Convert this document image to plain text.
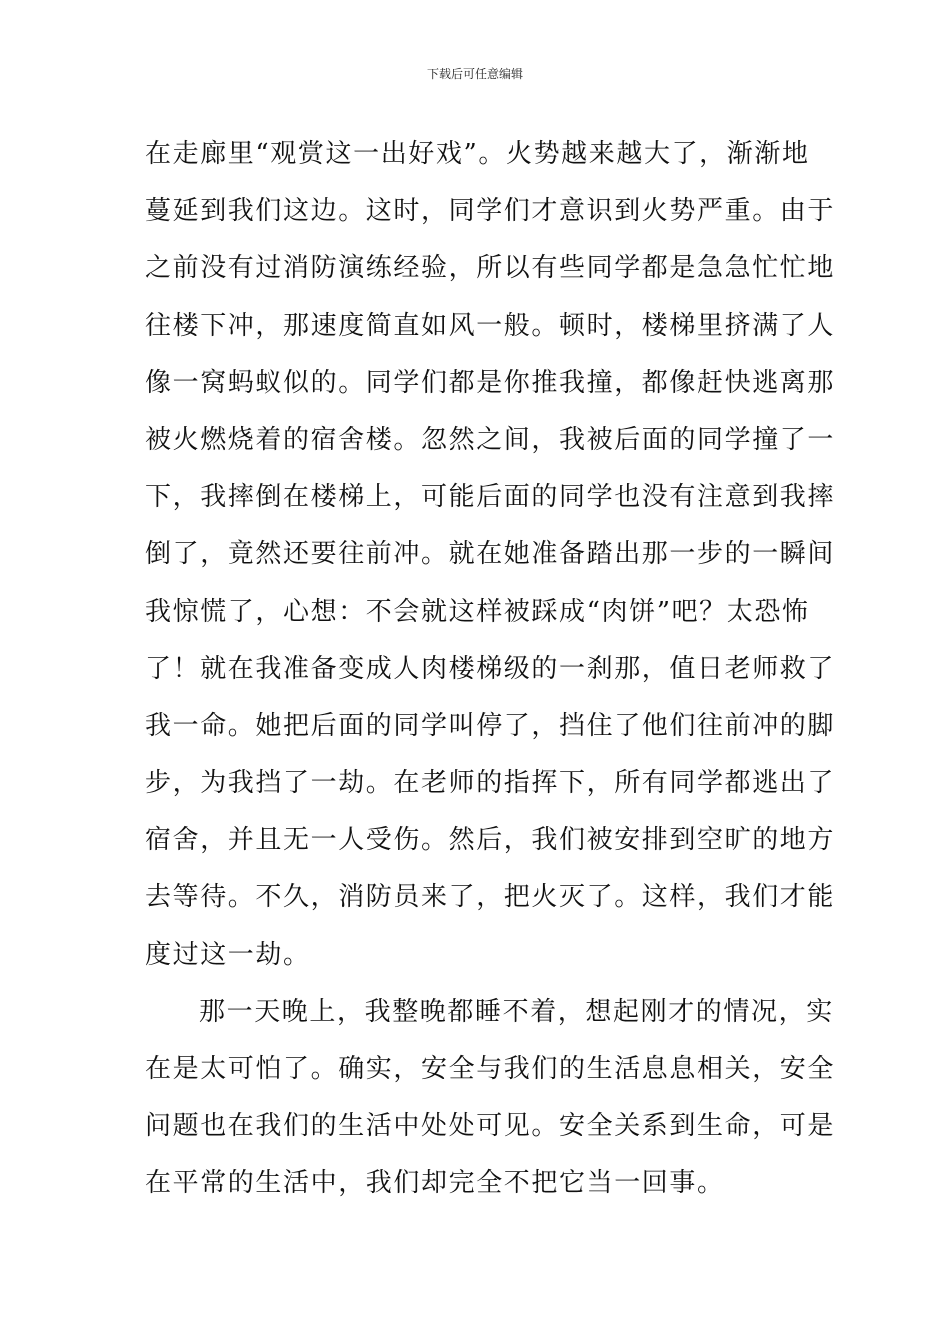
下载后可任意编辑
在走廊里“观赏这一出好戏”。火势越来越大了，渐渐地
蔓延到我们这边。这时，同学们才意识到火势严重。由于
之前没有过消防演练经验，所以有些同学都是急急忙忙地
往楼下冲，那速度简直如风一般。顿时，楼梯里挤满了人
像一窝蚂蚁似的。同学们都是你推我撞，都像赶快逃离那
被火燃烧着的宿舍楼。忽然之间，我被后面的同学撞了一
下，我摔倒在楼梯上，可能后面的同学也没有注意到我摔
倒了，竟然还要往前冲。就在她准备踏出那一步的一瞬间
我惊慌了，心想：不会就这样被踩成“肉饼”吧？太恐怖
了！就在我准备变成人肉楼梯级的一刹那，值日老师救了
我一命。她把后面的同学叫停了，挡住了他们往前冲的脚
步，为我挡了一劫。在老师的指挥下，所有同学都逃出了
宿舍，并且无一人受伤。然后，我们被安排到空旷的地方
去等待。不久，消防员来了，把火灭了。这样，我们才能
度过这一劫。
那一天晚上，我整晚都睡不着，想起刚才的情况，实
在是太可怕了。确实，安全与我们的生活息息相关，安全
问题也在我们的生活中处处可见。安全关系到生命，可是
在平常的生活中，我们却完全不把它当一回事。
